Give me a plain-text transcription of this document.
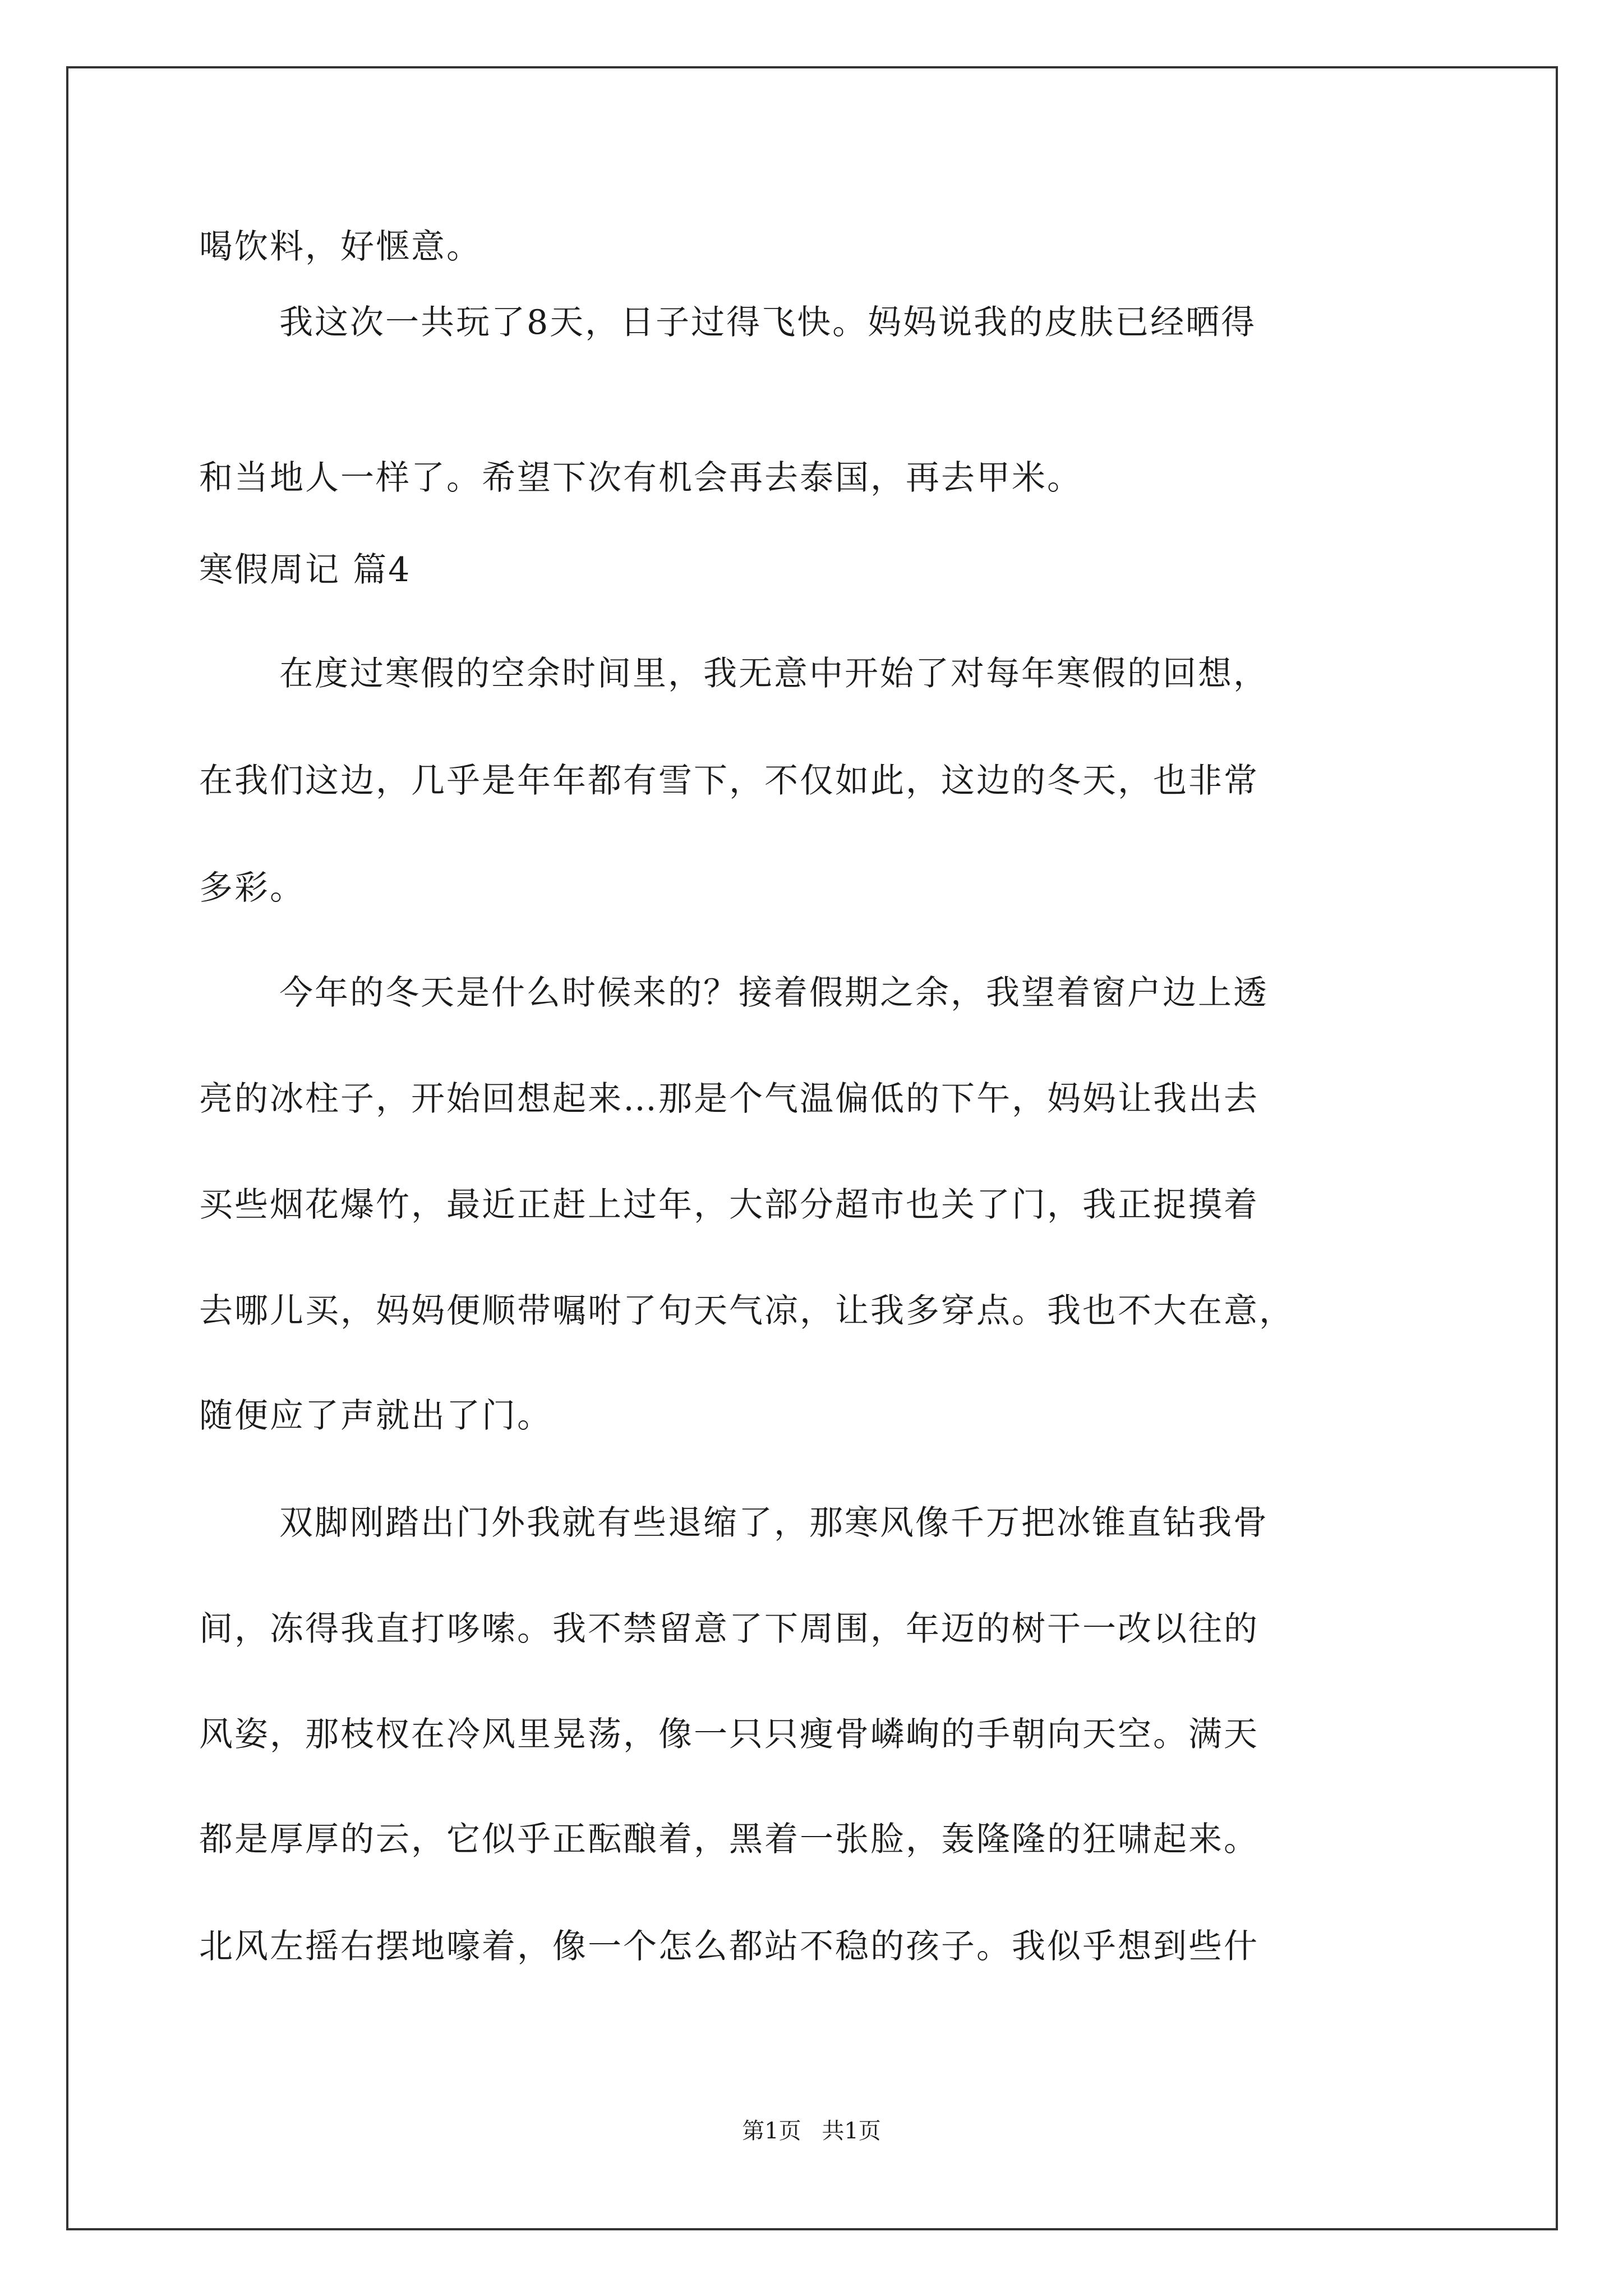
喝饮料，好惬意。
我这次一共玩了8天，日子过得飞快。妈妈说我的皮肤已经晒得
和当地人一样了。希望下次有机会再去泰国，再去甲米。
寒假周记 篇4
在度过寒假的空余时间里，我无意中开始了对每年寒假的回想，
在我们这边，几乎是年年都有雪下，不仅如此，这边的冬天，也非常
多彩。
今年的冬天是什么时候来的？接着假期之余，我望着窗户边上透
亮的冰柱子，开始回想起来…那是个气温偏低的下午，妈妈让我出去
买些烟花爆竹，最近正赶上过年，大部分超市也关了门，我正捉摸着
去哪儿买，妈妈便顺带嘱咐了句天气凉，让我多穿点。我也不大在意，
随便应了声就出了门。
双脚刚踏出门外我就有些退缩了，那寒风像千万把冰锥直钻我骨
间，冻得我直打哆嗦。我不禁留意了下周围，年迈的树干一改以往的
风姿，那枝杈在冷风里晃荡，像一只只瘦骨嶙峋的手朝向天空。满天
都是厚厚的云，它似乎正酝酿着，黑着一张脸，轰隆隆的狂啸起来。
北风左摇右摆地嚎着，像一个怎么都站不稳的孩子。我似乎想到些什
第1页 共1页
